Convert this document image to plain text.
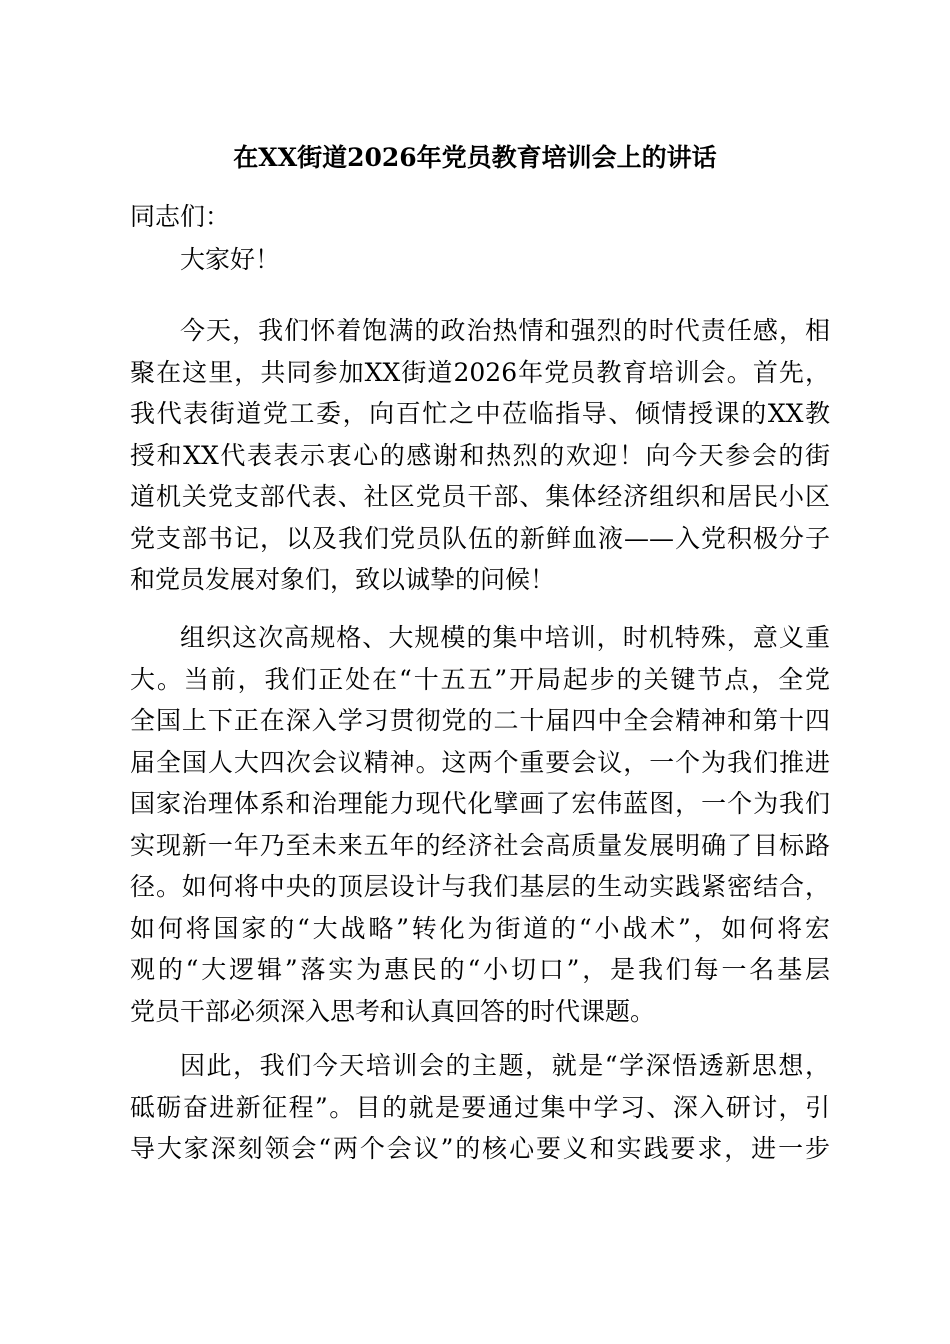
在XX街道2026年党员教育培训会上的讲话
同志们：
大家好！
今天，我们怀着饱满的政治热情和强烈的时代责任感，相
聚在这里，共同参加XX街道2026年党员教育培训会。首先，
我代表街道党工委，向百忙之中莅临指导、倾情授课的XX教
授和XX代表表示衷心的感谢和热烈的欢迎！向今天参会的街
道机关党支部代表、社区党员干部、集体经济组织和居民小区
党支部书记，以及我们党员队伍的新鲜血液——入党积极分子
和党员发展对象们，致以诚挚的问候！
组织这次高规格、大规模的集中培训，时机特殊，意义重
大。当前，我们正处在“十五五”开局起步的关键节点，全党
全国上下正在深入学习贯彻党的二十届四中全会精神和第十四
届全国人大四次会议精神。这两个重要会议，一个为我们推进
国家治理体系和治理能力现代化擘画了宏伟蓝图，一个为我们
实现新一年乃至未来五年的经济社会高质量发展明确了目标路
径。如何将中央的顶层设计与我们基层的生动实践紧密结合，
如何将国家的“大战略”转化为街道的“小战术”，如何将宏
观的“大逻辑”落实为惠民的“小切口”，是我们每一名基层
党员干部必须深入思考和认真回答的时代课题。
因此，我们今天培训会的主题，就是“学深悟透新思想，
砥砺奋进新征程”。目的就是要通过集中学习、深入研讨，引
导大家深刻领会“两个会议”的核心要义和实践要求，进一步
